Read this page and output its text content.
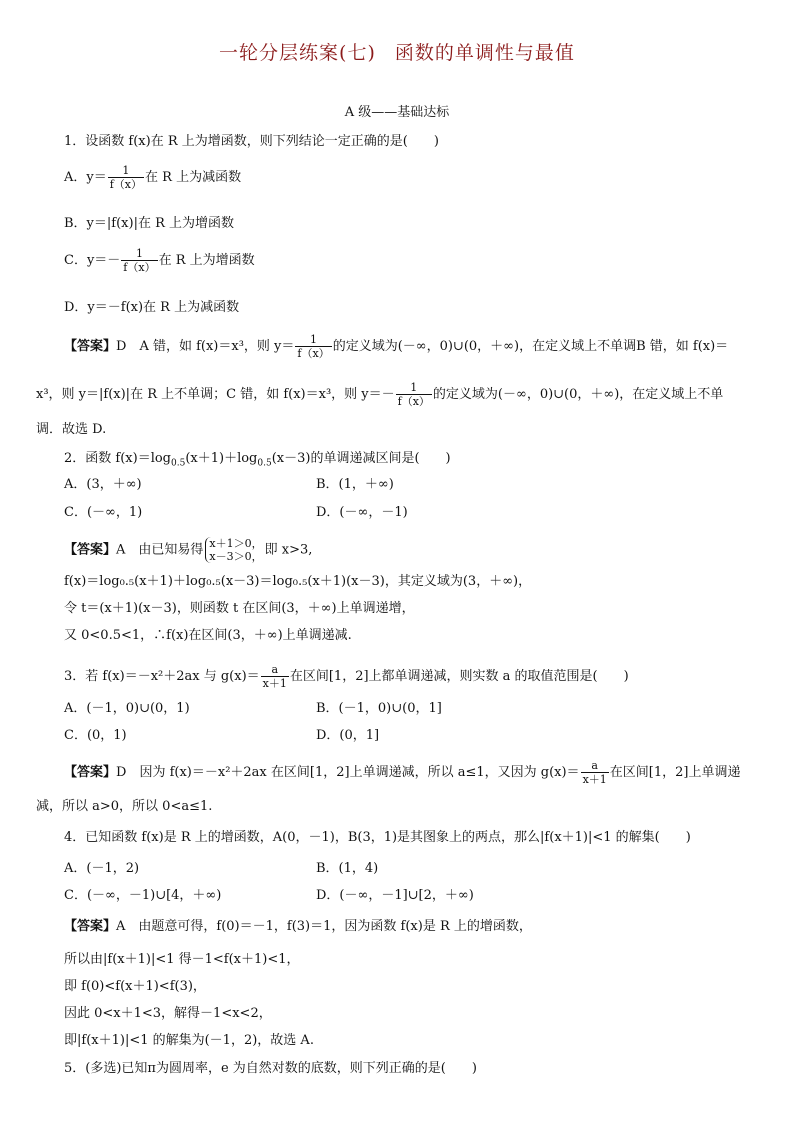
一轮分层练案(七) 函数的单调性与最值
A 级——基础达标
1．设函数 f(x)在 R 上为增函数，则下列结论一定正确的是(　　)
A．$y= \frac{1}{f(x)}$ 在 R 上为减函数
B．y＝|f(x)|在 R 上为增函数
C．$y=- \frac{1}{f(x)}$ 在 R 上为增函数
D．y＝－f(x)在 R 上为减函数
【答案】D　A 错，如 f(x)＝x³，则 $y= \frac{1}{f(x)}$ 的定义域为(－∞，0)∪(0，＋∞)，在定义域上不单调B 错，如 f(x)＝
x³，则 y＝|f(x)|在 R 上不单调；C 错，如 f(x)＝x³，则 $y=- \frac{1}{f(x)}$ 的定义域为(－∞，0)∪(0，＋∞)，在定义域上不单
调．故选 D.
2．函数 $f(x)=\log_{0.5}(x+1)+\log_{0.5}(x-3)$的单调递减区间是(　　)
A．(3，＋∞)	B．(1，＋∞)
C．(－∞，1)	D．(－∞，－1)
【答案】A　由已知易得 x＋1＞0，
x－3＞0， 即 x>3,
f(x)＝log₀.₅(x＋1)＋log₀.₅(x－3)＝log₀.₅(x＋1)(x－3)，其定义域为(3，＋∞)，
令 t＝(x＋1)(x－3)，则函数 t 在区间(3，＋∞)上单调递增，
又 0<0.5<1，∴f(x)在区间(3，＋∞)上单调递减.
3．若 f(x)＝－x²＋2ax 与 $g(x)= \frac{a}{x+1}$ 在区间[1，2]上都单调递减，则实数 a 的取值范围是(　　)
A．(－1，0)∪(0，1)	B．(－1，0)∪(0，1]
C．(0，1)	D．(0，1]
【答案】D　因为 f(x)＝－x²＋2ax 在区间[1，2]上单调递减，所以 a≤1，又因为 $g(x)= \frac{a}{x+1}$ 在区间[1，2]上单调递
减，所以 a>0，所以 0<a≤1.
4．已知函数 f(x)是 R 上的增函数，A(0，－1)，B(3，1)是其图象上的两点，那么|f(x＋1)|<1 的解集(　　)
A．(－1，2)	B．(1，4)
C．(－∞，－1)∪[4，＋∞)	D．(－∞，－1]∪[2，＋∞)
【答案】A　由题意可得，f(0)＝－1，f(3)＝1，因为函数 f(x)是 R 上的增函数，
所以由|f(x＋1)|<1 得－1<f(x＋1)<1，
即 f(0)<f(x＋1)<f(3)，
因此 0<x＋1<3，解得－1<x<2，
即|f(x＋1)|<1 的解集为(－1，2)，故选 A.
5．(多选)已知π为圆周率，e 为自然对数的底数，则下列正确的是(　　)
